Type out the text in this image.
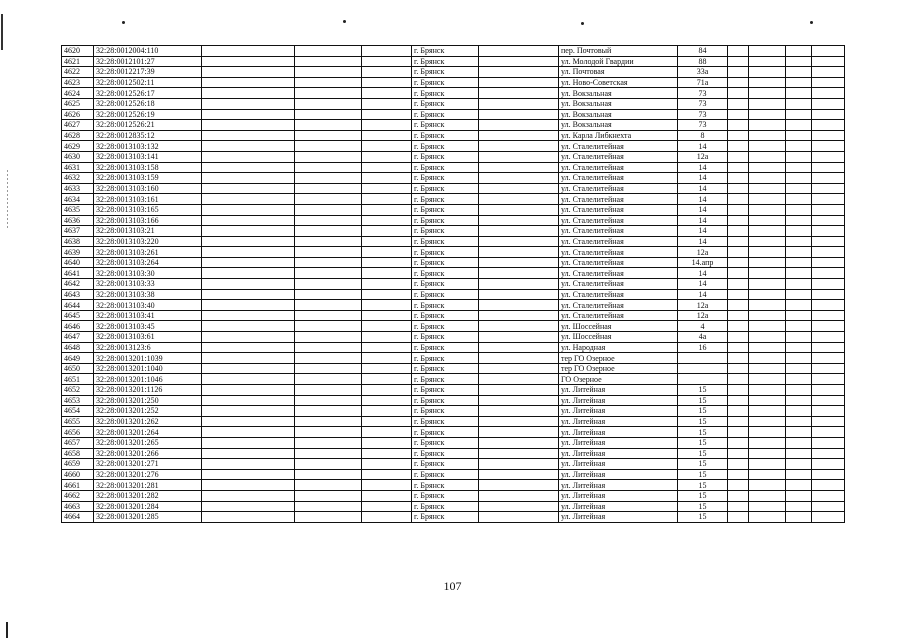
4620	32:28:0012004:110				г. Брянск		пер. Почтовый	84				
4621	32:28:0012101:27				г. Брянск		ул. Молодой Гвардии	88				
4622	32:28:0012217:39				г. Брянск		ул. Почтовая	33а				
4623	32:28:0012502:11				г. Брянск		ул. Ново-Советская	71а				
4624	32:28:0012526:17				г. Брянск		ул. Вокзальная	73				
4625	32:28:0012526:18				г. Брянск		ул. Вокзальная	73				
4626	32:28:0012526:19				г. Брянск		ул. Вокзальная	73				
4627	32:28:0012526:21				г. Брянск		ул. Вокзальная	73				
4628	32:28:0012835:12				г. Брянск		ул. Карла Либкнехта	8				
4629	32:28:0013103:132				г. Брянск		ул. Сталелитейная	14				
4630	32:28:0013103:141				г. Брянск		ул. Сталелитейная	12а				
4631	32:28:0013103:158				г. Брянск		ул. Сталелитейная	14				
4632	32:28:0013103:159				г. Брянск		ул. Сталелитейная	14				
4633	32:28:0013103:160				г. Брянск		ул. Сталелитейная	14				
4634	32:28:0013103:161				г. Брянск		ул. Сталелитейная	14				
4635	32:28:0013103:165				г. Брянск		ул. Сталелитейная	14				
4636	32:28:0013103:166				г. Брянск		ул. Сталелитейная	14				
4637	32:28:0013103:21				г. Брянск		ул. Сталелитейная	14				
4638	32:28:0013103:220				г. Брянск		ул. Сталелитейная	14				
4639	32:28:0013103:261				г. Брянск		ул. Сталелитейная	12а				
4640	32:28:0013103:264				г. Брянск		ул. Сталелитейная	14.апр				
4641	32:28:0013103:30				г. Брянск		ул. Сталелитейная	14				
4642	32:28:0013103:33				г. Брянск		ул. Сталелитейная	14				
4643	32:28:0013103:38				г. Брянск		ул. Сталелитейная	14				
4644	32:28:0013103:40				г. Брянск		ул. Сталелитейная	12а				
4645	32:28:0013103:41				г. Брянск		ул. Сталелитейная	12а				
4646	32:28:0013103:45				г. Брянск		ул. Шоссейная	4				
4647	32:28:0013103:61				г. Брянск		ул. Шоссейная	4а				
4648	32:28:0013123:6				г. Брянск		ул. Народная	16				
4649	32:28:0013201:1039				г. Брянск		тер ГО Озерное					
4650	32:28:0013201:1040				г. Брянск		тер ГО Озерное					
4651	32:28:0013201:1046				г. Брянск		ГО Озерное					
4652	32:28:0013201:1126				г. Брянск		ул. Литейная	15				
4653	32:28:0013201:250				г. Брянск		ул. Литейная	15				
4654	32:28:0013201:252				г. Брянск		ул. Литейная	15				
4655	32:28:0013201:262				г. Брянск		ул. Литейная	15				
4656	32:28:0013201:264				г. Брянск		ул. Литейная	15				
4657	32:28:0013201:265				г. Брянск		ул. Литейная	15				
4658	32:28:0013201:266				г. Брянск		ул. Литейная	15				
4659	32:28:0013201:271				г. Брянск		ул. Литейная	15				
4660	32:28:0013201:276				г. Брянск		ул. Литейная	15				
4661	32:28:0013201:281				г. Брянск		ул. Литейная	15				
4662	32:28:0013201:282				г. Брянск		ул. Литейная	15				
4663	32:28:0013201:284				г. Брянск		ул. Литейная	15				
4664	32:28:0013201:285				г. Брянск		ул. Литейная	15				
107
